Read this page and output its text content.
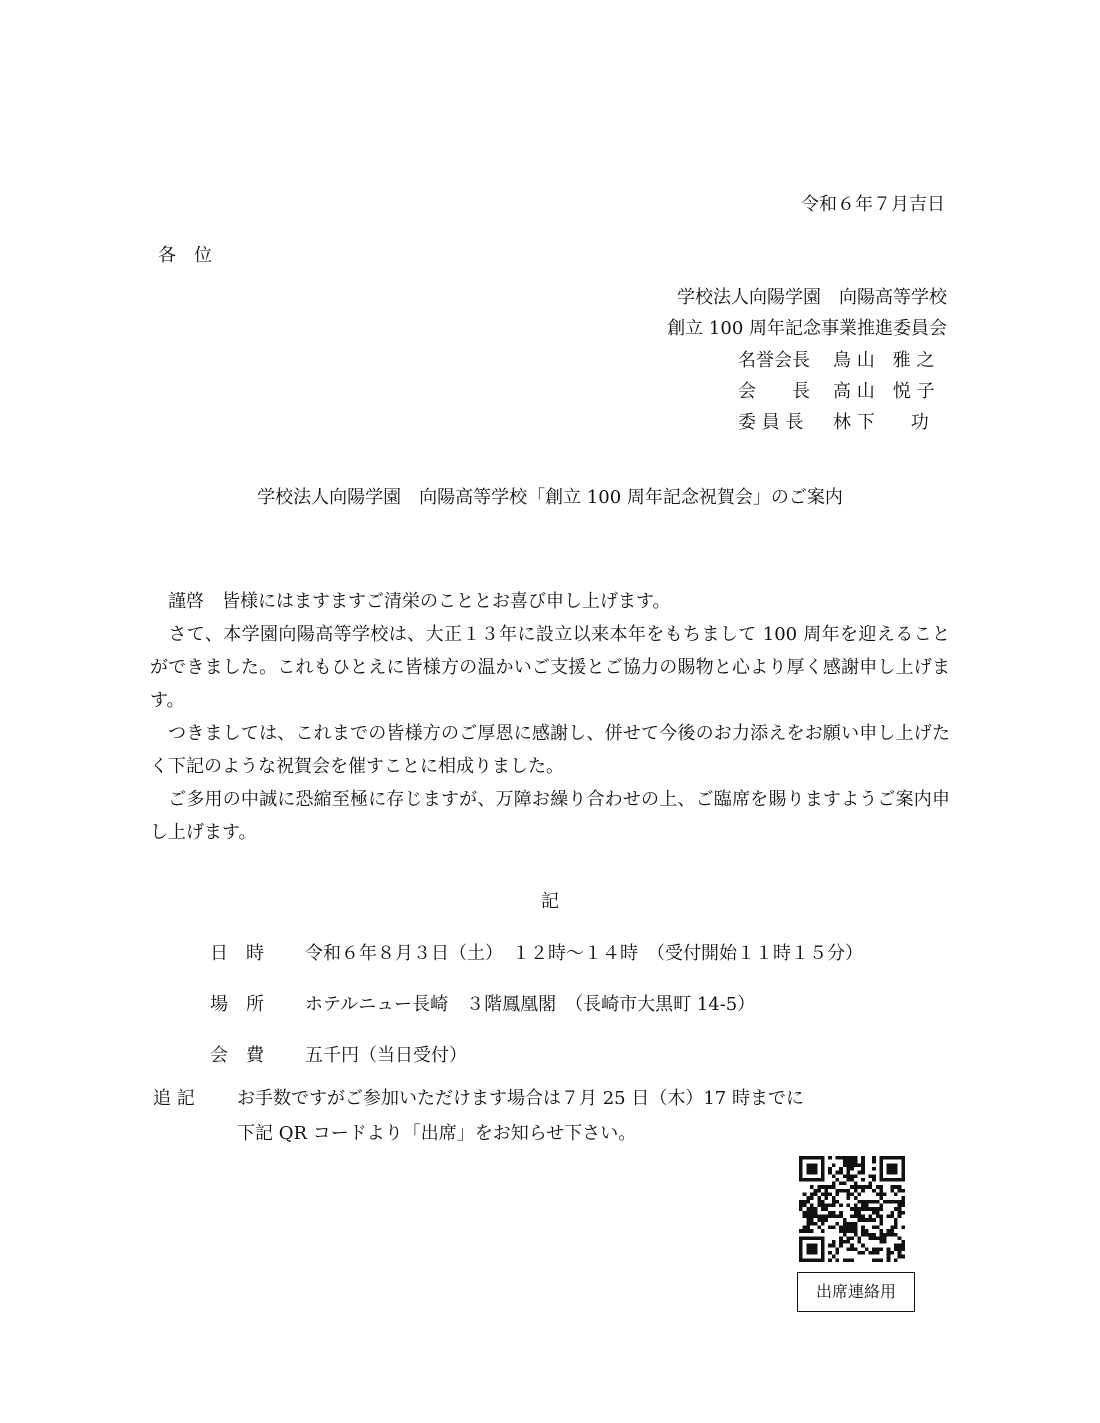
令和６年７月吉日
各　位
学校法人向陽学園　向陽高等学校
創立 100 周年記念事業推進委員会
名誉会長 鳥 山　雅 之
会　　長 高 山　悦 子
委 員 長 林 下　　功
学校法人向陽学園　向陽高等学校「創立 100 周年記念祝賀会」のご案内

　謹啓　皆様にはますますご清栄のこととお喜び申し上げます。

　さて、本学園向陽高等学校は、大正１３年に設立以来本年をもちまして 100 周年を迎えることができました。これもひとえに皆様方の温かいご支援とご協力の賜物と心より厚く感謝申し上げます。

　つきましては、これまでの皆様方のご厚恩に感謝し、併せて今後のお力添えをお願い申し上げたく下記のような祝賀会を催すことに相成りました。

　ご多用の中誠に恐縮至極に存じますが、万障お繰り合わせの上、ご臨席を賜りますようご案内申し上げます。

記
日　時 令和６年８月３日（土）　１２時～１４時　（受付開始１１時１５分）
場　所 ホテルニュー長崎　３階鳳凰閣　（長崎市大黒町 14-5）
会　費 五千円（当日受付）
追 記 お手数ですがご参加いただけます場合は７月 25 日（木）17 時までに
下記 QR コードより「出席」をお知らせ下さい。
出席連絡用
